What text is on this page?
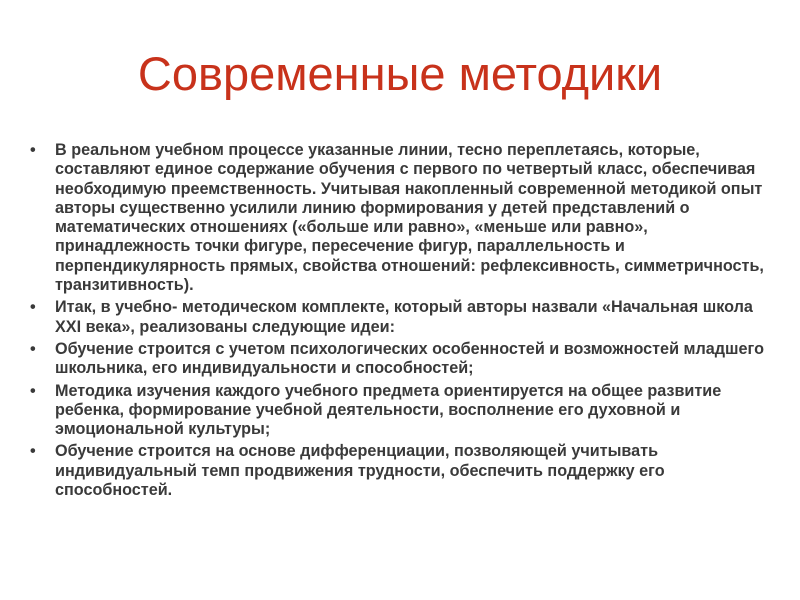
Современные методики
•	В реальном учебном процессе указанные линии, тесно переплетаясь, которые, составляют единое содержание обучения с первого по четвертый класс, обеспечивая необходимую преемственность. Учитывая накопленный современной методикой опыт авторы существенно усилили линию формирования у детей представлений о математических отношениях («больше или равно», «меньше или равно», принадлежность точки фигуре, пересечение фигур, параллельность и перпендикулярность прямых, свойства отношений: рефлексивность, симметричность, транзитивность).
•	Итак, в учебно- методическом комплекте, который авторы назвали «Начальная школа XXI века», реализованы следующие идеи:
•	Обучение строится с учетом психологических особенностей и возможностей младшего школьника, его индивидуальности и способностей;
•	Методика изучения каждого учебного предмета ориентируется на общее развитие ребенка, формирование учебной деятельности, восполнение его духовной и эмоциональной культуры;
•	Обучение строится на основе дифференциации, позволяющей учитывать индивидуальный темп продвижения трудности, обеспечить поддержку его способностей.
